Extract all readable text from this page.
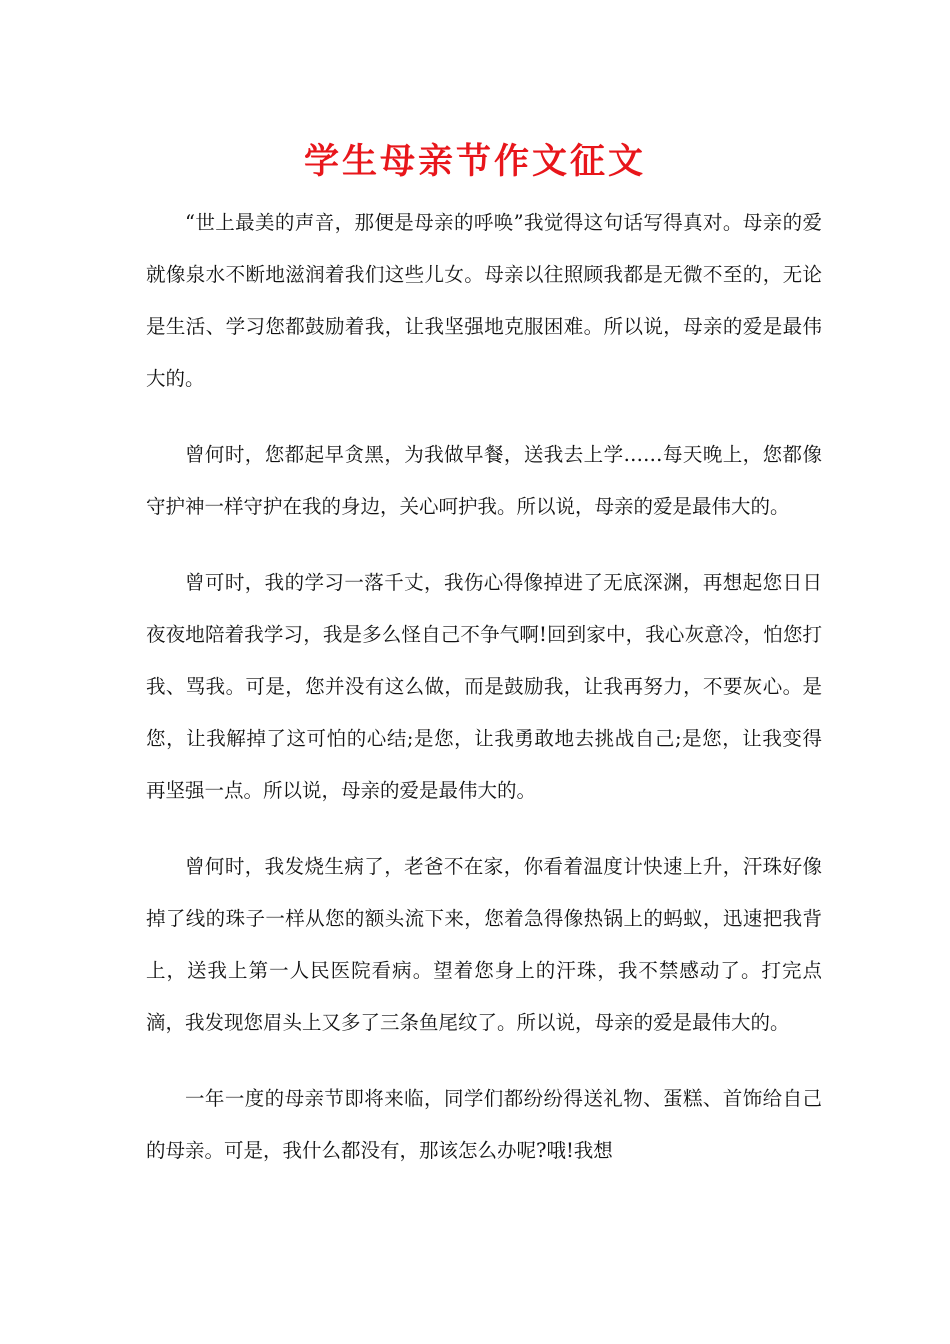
学生母亲节作文征文

“世上最美的声音，那便是母亲的呼唤”我觉得这句话写得真对。母亲的爱就像泉水不断地滋润着我们这些儿女。母亲以往照顾我都是无微不至的，无论是生活、学习您都鼓励着我，让我坚强地克服困难。所以说，母亲的爱是最伟大的。

曾何时，您都起早贪黑，为我做早餐，送我去上学……每天晚上，您都像守护神一样守护在我的身边，关心呵护我。所以说，母亲的爱是最伟大的。

曾可时，我的学习一落千丈，我伤心得像掉进了无底深渊，再想起您日日夜夜地陪着我学习，我是多么怪自己不争气啊!回到家中，我心灰意冷，怕您打我、骂我。可是，您并没有这么做，而是鼓励我，让我再努力，不要灰心。是您，让我解掉了这可怕的心结;是您，让我勇敢地去挑战自己;是您，让我变得再坚强一点。所以说，母亲的爱是最伟大的。

曾何时，我发烧生病了，老爸不在家，你看着温度计快速上升，汗珠好像掉了线的珠子一样从您的额头流下来，您着急得像热锅上的蚂蚁，迅速把我背上，送我上第一人民医院看病。望着您身上的汗珠，我不禁感动了。打完点滴，我发现您眉头上又多了三条鱼尾纹了。所以说，母亲的爱是最伟大的。

一年一度的母亲节即将来临，同学们都纷纷得送礼物、蛋糕、首饰给自己的母亲。可是，我什么都没有，那该怎么办呢?哦!我想
